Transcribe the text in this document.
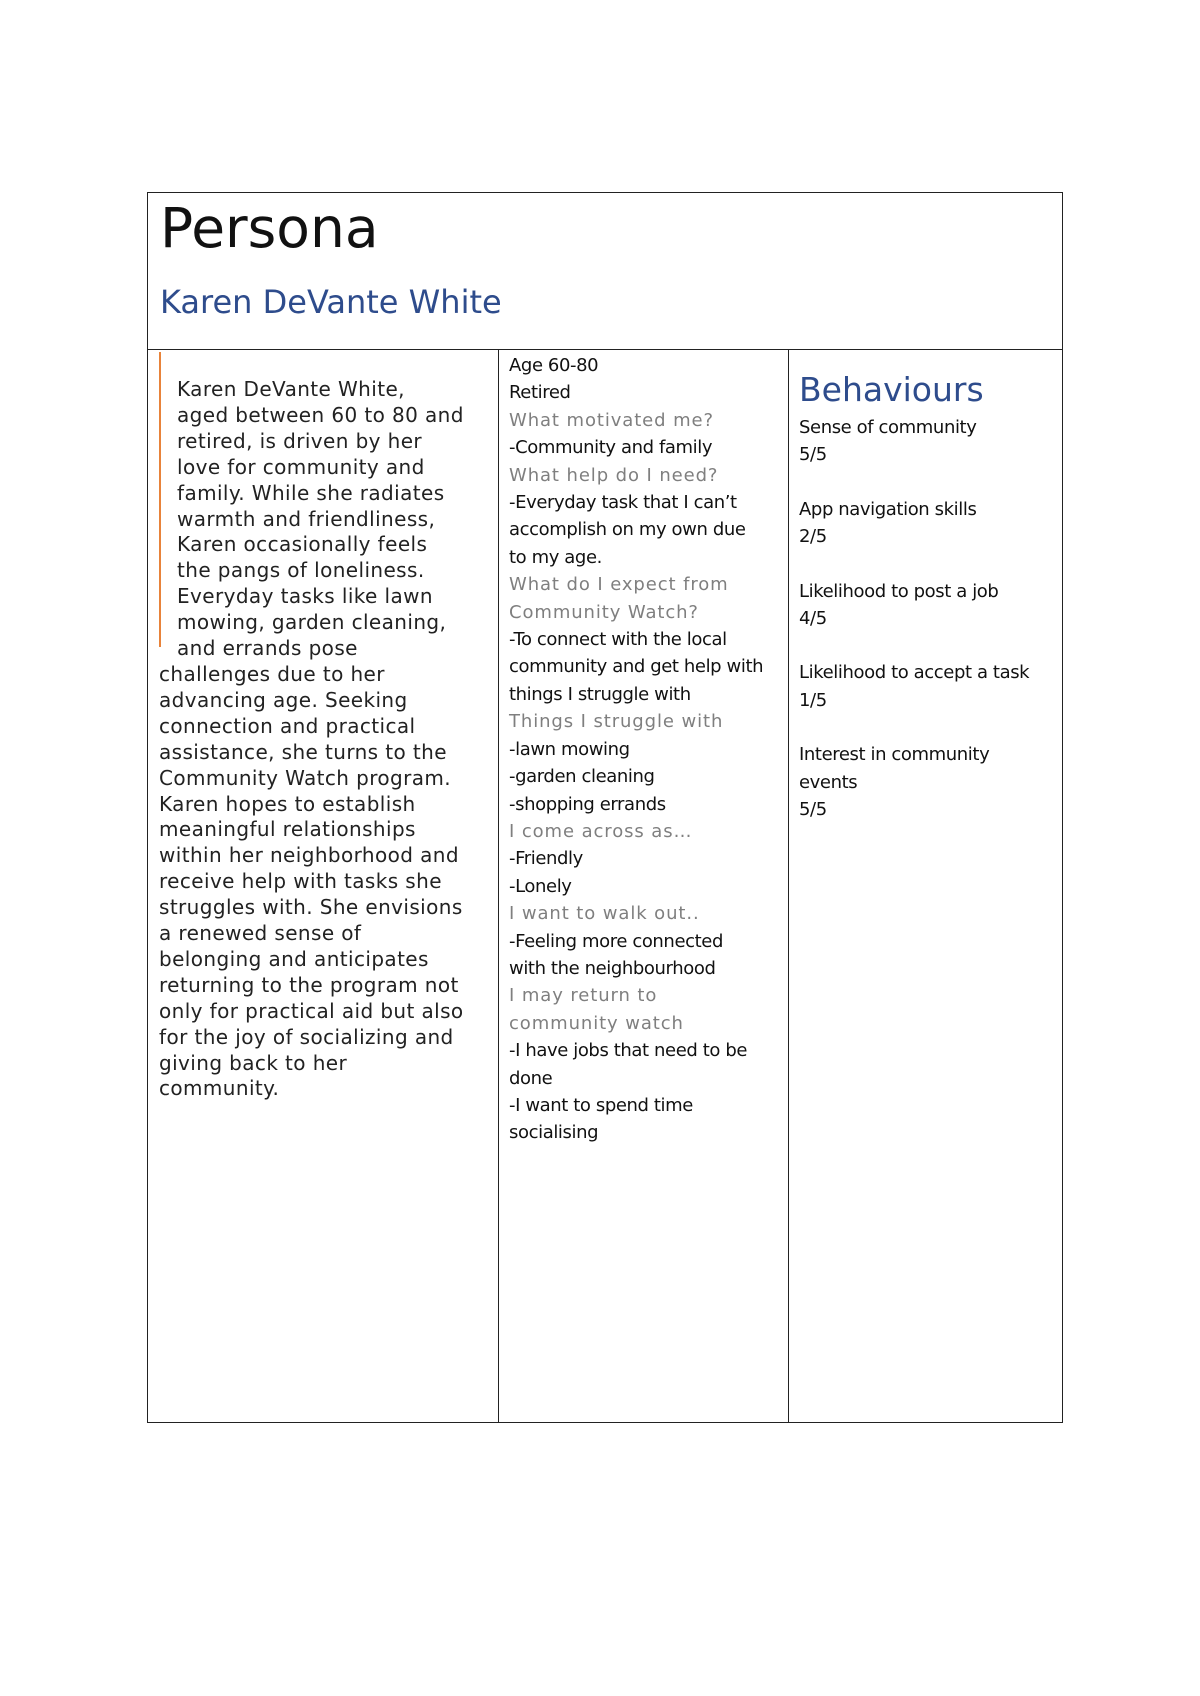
Persona
Karen DeVante White
Karen DeVante White,
aged between 60 to 80 and
retired, is driven by her
love for community and
family. While she radiates
warmth and friendliness,
Karen occasionally feels
the pangs of loneliness.
Everyday tasks like lawn
mowing, garden cleaning,
and errands pose
challenges due to her
advancing age. Seeking
connection and practical
assistance, she turns to the
Community Watch program.
Karen hopes to establish
meaningful relationships
within her neighborhood and
receive help with tasks she
struggles with. She envisions
a renewed sense of
belonging and anticipates
returning to the program not
only for practical aid but also
for the joy of socializing and
giving back to her
community.
Age 60-80
Retired
What motivated me?
-Community and family
What help do I need?
-Everyday task that I can’t
accomplish on my own due
to my age.
What do I expect from
Community Watch?
-To connect with the local
community and get help with
things I struggle with
Things I struggle with
-lawn mowing
-garden cleaning
-shopping errands
I come across as…
-Friendly
-Lonely
I want to walk out..
-Feeling more connected
with the neighbourhood
I may return to
community watch
-I have jobs that need to be
done
-I want to spend time
socialising
Behaviours
Sense of community
5/5
App navigation skills
2/5
Likelihood to post a job
4/5
Likelihood to accept a task
1/5
Interest in community
events
5/5
